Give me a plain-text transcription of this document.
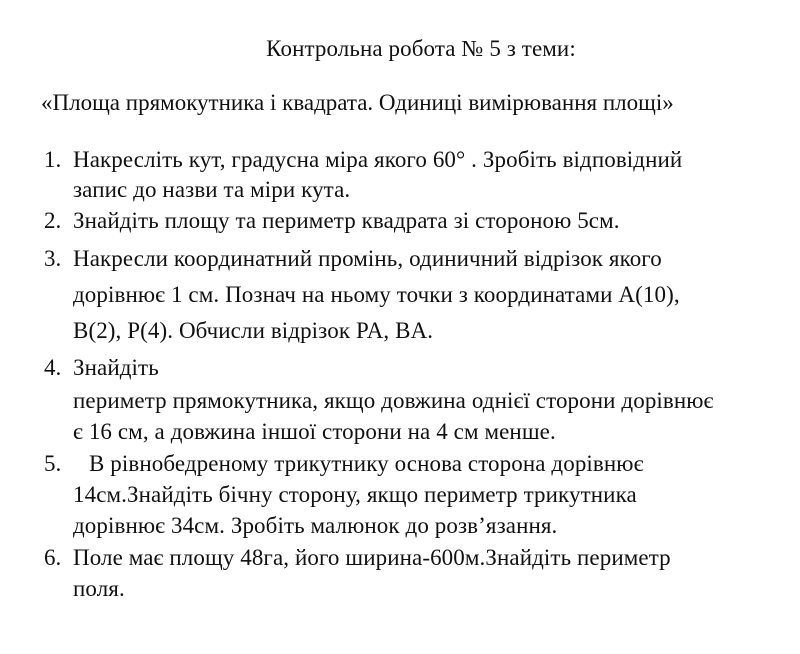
Контрольна робота № 5 з теми:
«Площа прямокутника і квадрата. Одиниці вимірювання площі»
1. Накресліть кут, градусна міра якого 60° . Зробіть відповідний
запис до назви та міри кута.
2. Знайдіть площу та периметр квадрата зі стороною 5см.
3. Накресли координатний промінь, одиничний відрізок якого
дорівнює 1 см. Познач на ньому точки з координатами A(10),
B(2), P(4). Обчисли відрізок PA, BA.
4. Знайдіть
периметр прямокутника, якщо довжина однієї сторони дорівнює
є 16 см, а довжина іншої сторони на 4 см менше.
5. В рівнобедреному трикутнику основа сторона дорівнює
14см.Знайдіть бічну сторону, якщо периметр трикутника
дорівнює 34см. Зробіть малюнок до розв’язання.
6. Поле має площу 48га, його ширина-600м.Знайдіть периметр
поля.
